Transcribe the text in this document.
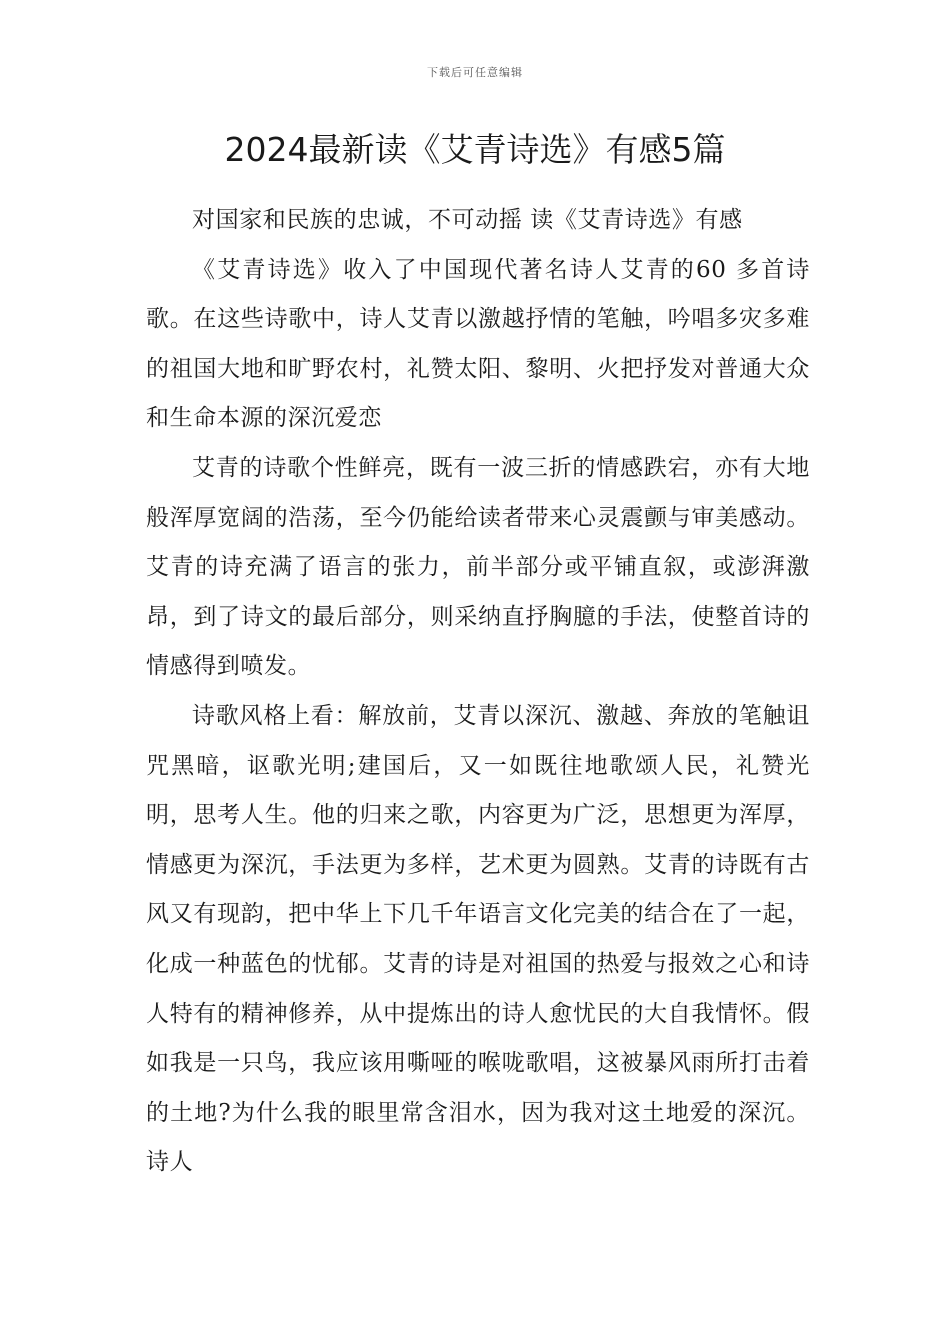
下载后可任意编辑
2024最新读《艾青诗选》有感5篇

对国家和民族的忠诚，不可动摇 读《艾青诗选》有感

《艾青诗选》收入了中国现代著名诗人艾青的60 多首诗歌。在这些诗歌中，诗人艾青以激越抒情的笔触，吟唱多灾多难的祖国大地和旷野农村，礼赞太阳、黎明、火把抒发对普通大众和生命本源的深沉爱恋

艾青的诗歌个性鲜亮，既有一波三折的情感跌宕，亦有大地般浑厚宽阔的浩荡，至今仍能给读者带来心灵震颤与审美感动。艾青的诗充满了语言的张力，前半部分或平铺直叙，或澎湃激昂，到了诗文的最后部分，则采纳直抒胸臆的手法，使整首诗的情感得到喷发。

诗歌风格上看：解放前，艾青以深沉、激越、奔放的笔触诅咒黑暗，讴歌光明;建国后，又一如既往地歌颂人民，礼赞光明，思考人生。他的归来之歌，内容更为广泛，思想更为浑厚，情感更为深沉，手法更为多样，艺术更为圆熟。艾青的诗既有古风又有现韵，把中华上下几千年语言文化完美的结合在了一起，化成一种蓝色的忧郁。艾青的诗是对祖国的热爱与报效之心和诗人特有的精神修养，从中提炼出的诗人愈忧民的大自我情怀。假如我是一只鸟，我应该用嘶哑的喉咙歌唱，这被暴风雨所打击着的土地?为什么我的眼里常含泪水，因为我对这土地爱的深沉。诗人
